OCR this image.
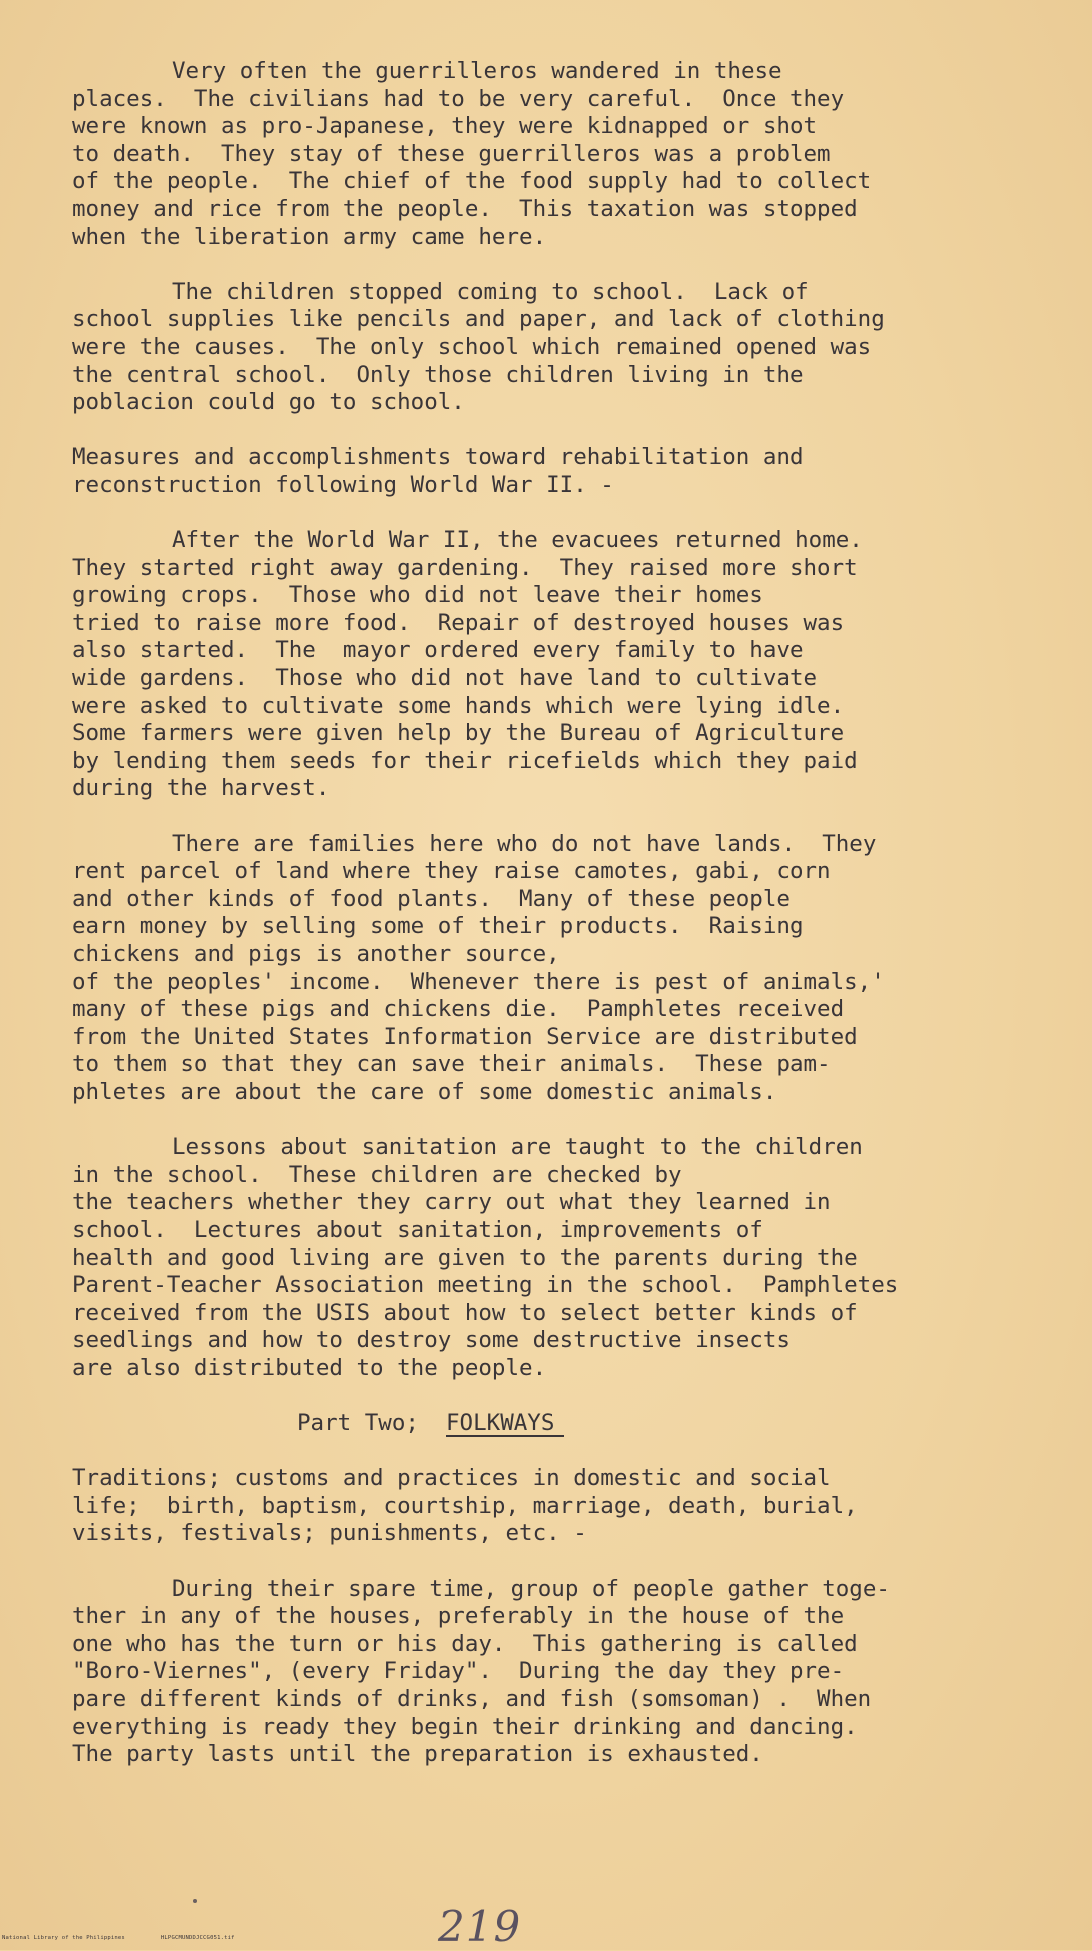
Very often the guerrilleros wandered in these
places.  The civilians had to be very careful.  Once they
were known as pro-Japanese, they were kidnapped or shot
to death.  They stay of these guerrilleros was a problem
of the people.  The chief of the food supply had to collect
money and rice from the people.  This taxation was stopped
when the liberation army came here.
The children stopped coming to school.  Lack of
school supplies like pencils and paper, and lack of clothing
were the causes.  The only school which remained opened was
the central school.  Only those children living in the
poblacion could go to school.
Measures and accomplishments toward rehabilitation and
reconstruction following World War II. -
After the World War II, the evacuees returned home.
They started right away gardening.  They raised more short
growing crops.  Those who did not leave their homes
tried to raise more food.  Repair of destroyed houses was
also started.  The  mayor ordered every family to have
wide gardens.  Those who did not have land to cultivate
were asked to cultivate some hands which were lying idle.
Some farmers were given help by the Bureau of Agriculture
by lending them seeds for their ricefields which they paid
during the harvest.
There are families here who do not have lands.  They
rent parcel of land where they raise camotes, gabi, corn
and other kinds of food plants.  Many of these people
earn money by selling some of their products.  Raising
chickens and pigs is another source,
of the peoples' income.  Whenever there is pest of animals,'
many of these pigs and chickens die.  Pamphletes received
from the United States Information Service are distributed
to them so that they can save their animals.  These pam-
phletes are about the care of some domestic animals.
Lessons about sanitation are taught to the children
in the school.  These children are checked by
the teachers whether they carry out what they learned in
school.  Lectures about sanitation, improvements of
health and good living are given to the parents during the
Parent-Teacher Association meeting in the school.  Pamphletes
received from the USIS about how to select better kinds of
seedlings and how to destroy some destructive insects
are also distributed to the people.
Part Two; FOLKWAYS
Traditions; customs and practices in domestic and social
life;  birth, baptism, courtship, marriage, death, burial,
visits, festivals; punishments, etc. -
During their spare time, group of people gather toge-
ther in any of the houses, preferably in the house of the
one who has the turn or his day.  This gathering is called
"Boro-Viernes", (every Friday".  During the day they pre-
pare different kinds of drinks, and fish (somsoman) .  When
everything is ready they begin their drinking and dancing.
The party lasts until the preparation is exhausted.
219
National Library of the Philippines	HLPGCMUNDDJCCG051.tif
